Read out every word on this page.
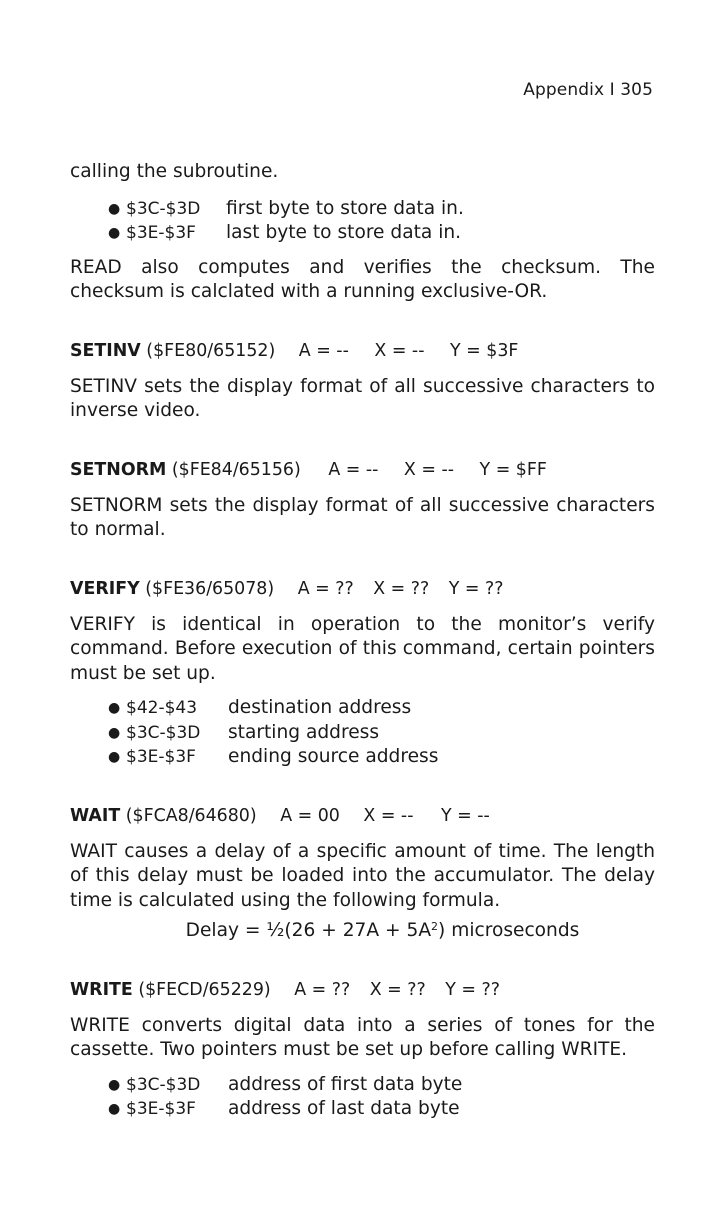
Appendix I 305

calling the subroutine.

● $3C-$3D	first byte to store data in.
● $3E-$3F	last byte to store data in.

READ also computes and verifies the checksum. The checksum is calclated with a running exclusive-OR.

SETINV ($FE80/65152) A = -- X = -- Y = $3F

SETINV sets the display format of all successive characters to inverse video.

SETNORM ($FE84/65156) A = -- X = -- Y = $FF

SETNORM sets the display format of all successive characters to normal.

VERIFY ($FE36/65078) A = ?? X = ?? Y = ??

VERIFY is identical in operation to the monitor’s verify command. Before execution of this command, certain pointers must be set up.

● $42-$43	destination address
● $3C-$3D	starting address
● $3E-$3F	ending source address
WAIT ($FCA8/64680) A = 00 X = -- Y = --

WAIT causes a delay of a specific amount of time. The length of this delay must be loaded into the accumulator. The delay time is calculated using the following formula.

Delay = ½(26 + $27A + 5A^2$) microseconds
WRITE ($FECD/65229) A = ?? X = ?? Y = ??

WRITE converts digital data into a series of tones for the cassette. Two pointers must be set up before calling WRITE.

● $3C-$3D	address of first data byte
● $3E-$3F	address of last data byte
